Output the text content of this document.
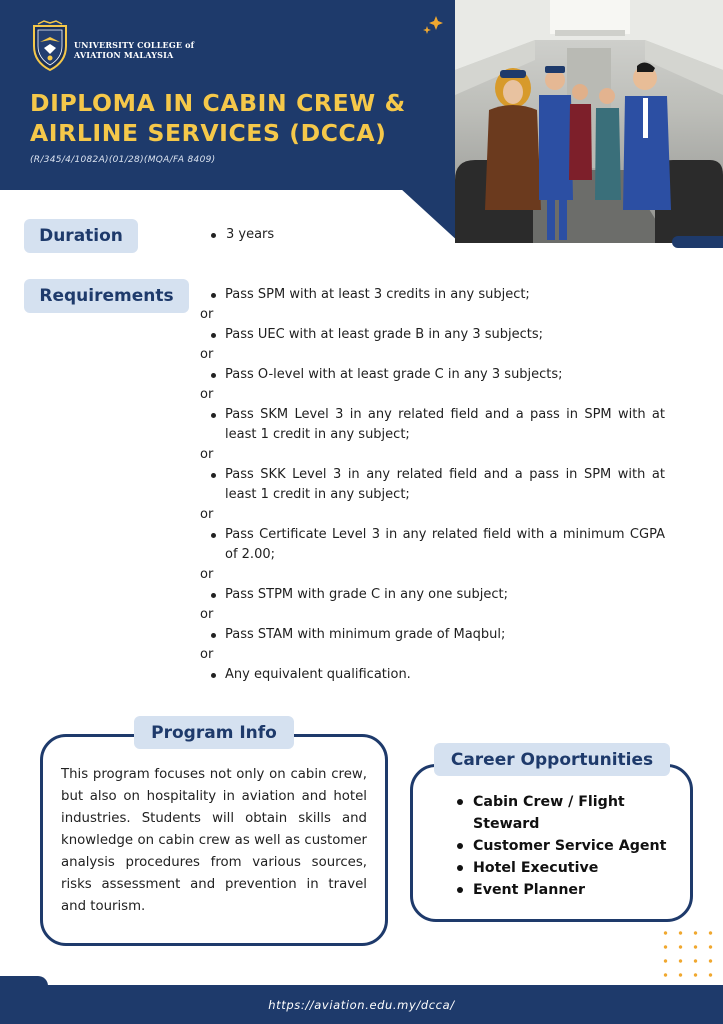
UNIVERSITY COLLEGE of
AVIATION MALAYSIA
DIPLOMA IN CABIN CREW &
AIRLINE SERVICES (DCCA)
(R/345/4/1082A)(01/28)(MQA/FA 8409)
Duration	3 years
Requirements	Pass SPM with at least 3 credits in any subject;
or
Pass UEC with at least grade B in any 3 subjects;
or
Pass O-level with at least grade C in any 3 subjects;
or
Pass SKM Level 3 in any related field and a pass in SPM with at least 1 credit in any subject;
or
Pass SKK Level 3 in any related field and a pass in SPM with at least 1 credit in any subject;
or
Pass Certificate Level 3 in any related field with a minimum CGPA of 2.00;
or
Pass STPM with grade C in any one subject;
or
Pass STAM with minimum grade of Maqbul;
or
Any equivalent qualification.
Program Info

This program focuses not only on cabin crew, but also on hospitality in aviation and hotel industries. Students will obtain skills and knowledge on cabin crew as well as customer analysis procedures from various sources, risks assessment and prevention in travel and tourism.

Career Opportunities
Cabin Crew / Flight Steward
Customer Service Agent
Hotel Executive
Event Planner
https://aviation.edu.my/dcca/
